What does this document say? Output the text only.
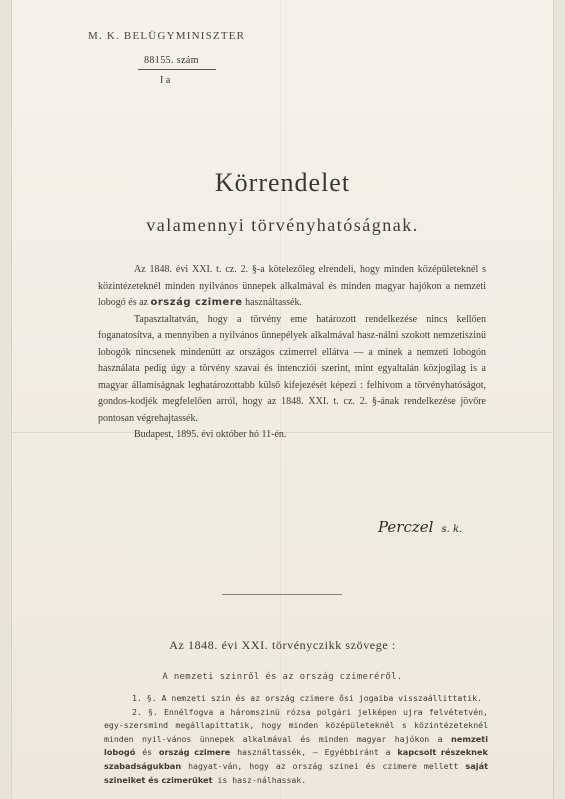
M. K. BELÜGYMINISZTER
88155. szám
I a
Körrendelet
valamennyi törvényhatóságnak.

Az 1848. évi XXI. t. cz. 2. §-a kötelezőleg elrendeli, hogy minden középületeknél s közintézeteknél minden nyilvános ünnepek alkalmával és minden magyar hajókon a nemzeti lobogó és az ország czimere használtassék.

Tapasztaltatván, hogy a törvény eme határozott rendelkezése nincs kellően foganatosítva, a mennyiben a nyilvános ünnepélyek alkalmával hasz-nálni szokott nemzetiszinü lobogók nincsenek mindenütt az országos czimerrel ellátva — a minek a nemzeti lobogón használata pedig úgy a törvény szavai és intencziói szerint, mint egyaltalán közjogilag is a magyar államiságnak leghatározottabb külső kifejezését képezi : felhivom a törvényhatóságot, gondos-kodjék megfelelően arról, hogy az 1848. XXI. t. cz. 2. §-ának rendelkezése jövőre pontosan végrehajtassék.

Budapest, 1895. évi október hó 11-én.

Perczel s. k.
Az 1848. évi XXI. törvényczikk szövege :
A nemzeti szinről és az ország czimeréről.

1. §. A nemzeti szin és az ország czimere ősi jogaiba visszaállittatik.

2. §. Ennélfogva a háromszinü rózsa polgári jelképen ujra felvétetvén, egy-szersmind megállapittatik, hogy minden középületeknél s közintézeteknél minden nyil-vános ünnepek alkalmával és minden magyar hajókon a nemzeti lobogó és ország czimere használtassék, — Egyébbiránt a kapcsolt részeknek szabadságukban hagyat-ván, hogy az ország szinei és czimere mellett saját szineiket és czimerüket is hasz-nálhassak.
